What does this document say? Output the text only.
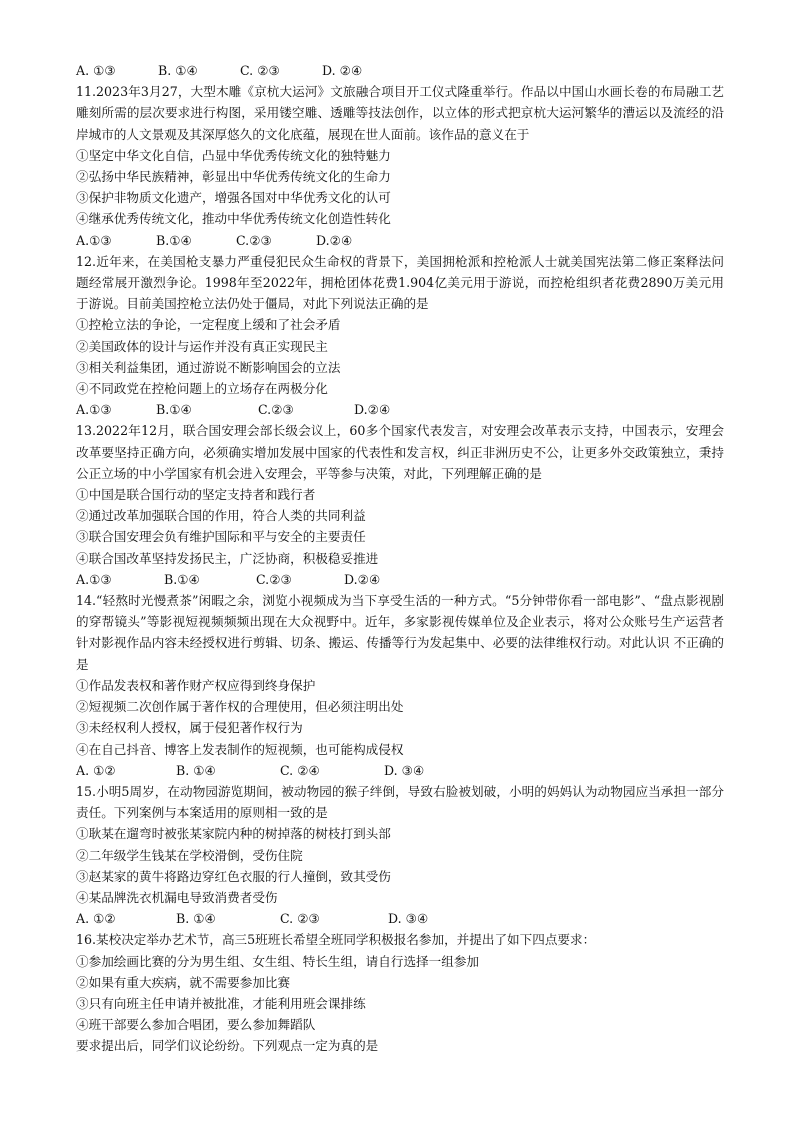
A. ①③	B. ①④	C. ②③	D. ②④
11.2023年3月27，大型木雕《京杭大运河》文旅融合项目开工仪式隆重举行。作品以中国山水画长卷的布局融工艺雕刻所需的层次要求进行构图，采用镂空雕、透雕等技法创作，以立体的形式把京杭大运河繁华的漕运以及流经的沿岸城市的人文景观及其深厚悠久的文化底蕴，展现在世人面前。该作品的意义在于
①坚定中华文化自信，凸显中华优秀传统文化的独特魅力
②弘扬中华民族精神，彰显出中华优秀传统文化的生命力
③保护非物质文化遗产，增强各国对中华优秀文化的认可
④继承优秀传统文化，推动中华优秀传统文化创造性转化
A.①③	B.①④	C.②③	D.②④
12.近年来，在美国枪支暴力严重侵犯民众生命权的背景下，美国拥枪派和控枪派人士就美国宪法第二修正案释法问题经常展开激烈争论。1998年至2022年，拥枪团体花费1.904亿美元用于游说，而控枪组织者花费2890万美元用于游说。目前美国控枪立法仍处于僵局，对此下列说法正确的是
①控枪立法的争论，一定程度上缓和了社会矛盾
②美国政体的设计与运作并没有真正实现民主
③相关利益集团，通过游说不断影响国会的立法
④不同政党在控枪问题上的立场存在两极分化
A.①③	B.①④	C.②③	D.②④
13.2022年12月，联合国安理会部长级会议上，60多个国家代表发言，对安理会改革表示支持，中国表示，安理会改革要坚持正确方向，必须确实增加发展中国家的代表性和发言权，纠正非洲历史不公，让更多外交政策独立，秉持公正立场的中小学国家有机会进入安理会，平等参与决策，对此，下列理解正确的是
①中国是联合国行动的坚定支持者和践行者
②通过改革加强联合国的作用，符合人类的共同利益
③联合国安理会负有维护国际和平与安全的主要责任
④联合国改革坚持发扬民主，广泛协商，积极稳妥推进
A.①③	B.①④	C.②③	D.②④
14.“轻熬时光慢煮茶”闲暇之余，浏览小视频成为当下享受生活的一种方式。“5分钟带你看一部电影”、“盘点影视剧的穿帮镜头”等影视短视频频频出现在大众视野中。近年，多家影视传媒单位及企业表示，将对公众账号生产运营者针对影视作品内容未经授权进行剪辑、切条、搬运、传播等行为发起集中、必要的法律维权行动。对此认识 不正确的是
①作品发表权和著作财产权应得到终身保护
②短视频二次创作属于著作权的合理使用，但必须注明出处
③未经权利人授权，属于侵犯著作权行为
④在自己抖音、博客上发表制作的短视频，也可能构成侵权
A. ①②	B. ①④	C. ②④	D. ③④
15.小明5周岁，在动物园游览期间，被动物园的猴子绊倒，导致右脸被划破，小明的妈妈认为动物园应当承担一部分责任。下列案例与本案适用的原则相一致的是
①耿某在遛弯时被张某家院内种的树掉落的树枝打到头部
②二年级学生钱某在学校滑倒，受伤住院
③赵某家的黄牛将路边穿红色衣服的行人撞倒，致其受伤
④某品牌洗衣机漏电导致消费者受伤
A. ①②	B. ①④	C. ②③	D. ③④
16.某校决定举办艺术节，高三5班班长希望全班同学积极报名参加，并提出了如下四点要求：
①参加绘画比赛的分为男生组、女生组、特长生组，请自行选择一组参加
②如果有重大疾病，就不需要参加比赛
③只有向班主任申请并被批准，才能利用班会课排练
④班干部要么参加合唱团，要么参加舞蹈队
要求提出后，同学们议论纷纷。下列观点一定为真的是
